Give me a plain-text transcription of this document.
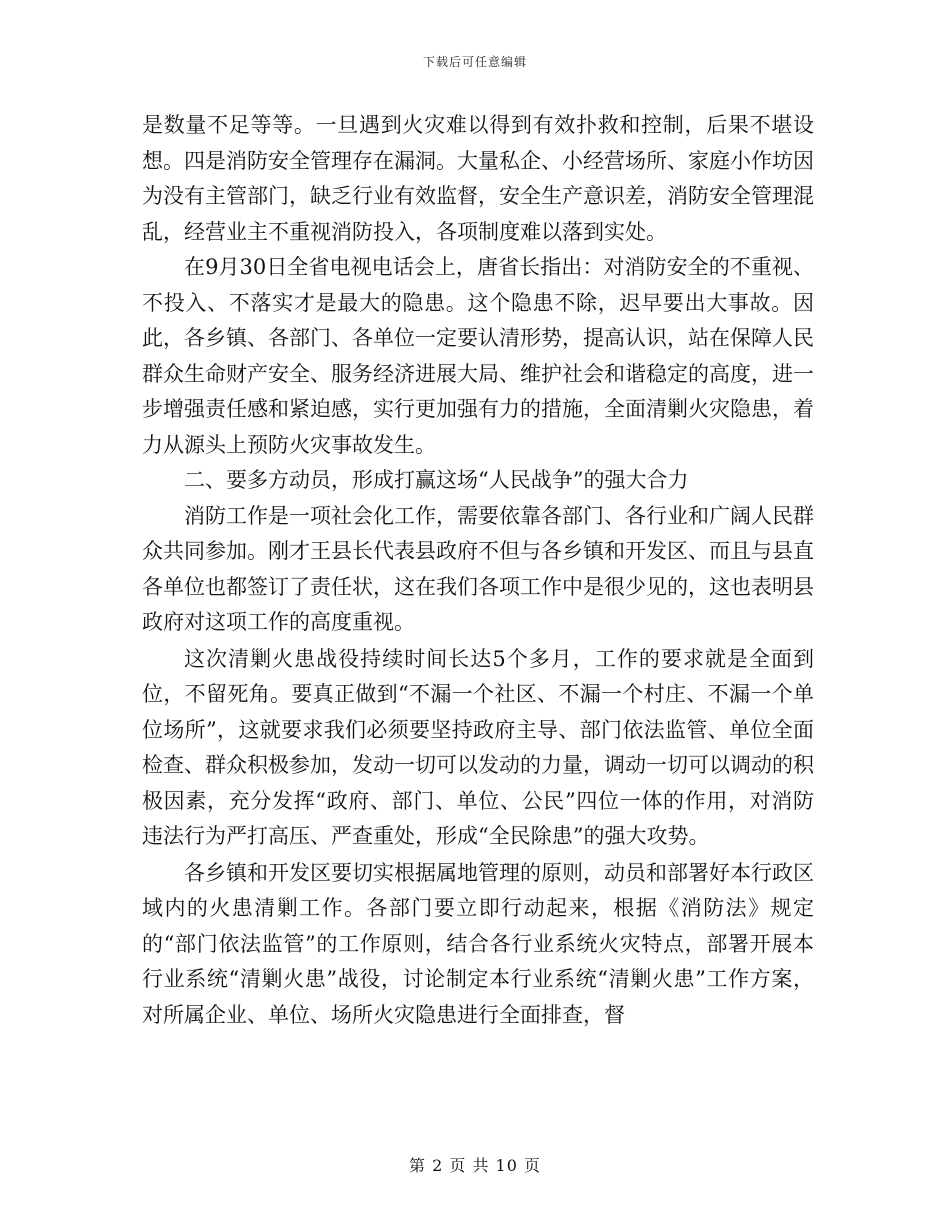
下载后可任意编辑

是数量不足等等。一旦遇到火灾难以得到有效扑救和控制，后果不堪设想。四是消防安全管理存在漏洞。大量私企、小经营场所、家庭小作坊因为没有主管部门，缺乏行业有效监督，安全生产意识差，消防安全管理混乱，经营业主不重视消防投入，各项制度难以落到实处。

在9月30日全省电视电话会上，唐省长指出：对消防安全的不重视、不投入、不落实才是最大的隐患。这个隐患不除，迟早要出大事故。因此，各乡镇、各部门、各单位一定要认清形势，提高认识，站在保障人民群众生命财产安全、服务经济进展大局、维护社会和谐稳定的高度，进一步增强责任感和紧迫感，实行更加强有力的措施，全面清剿火灾隐患，着力从源头上预防火灾事故发生。

二、要多方动员，形成打赢这场“人民战争”的强大合力

消防工作是一项社会化工作，需要依靠各部门、各行业和广阔人民群众共同参加。刚才王县长代表县政府不但与各乡镇和开发区、而且与县直各单位也都签订了责任状，这在我们各项工作中是很少见的，这也表明县政府对这项工作的高度重视。

这次清剿火患战役持续时间长达5个多月，工作的要求就是全面到位，不留死角。要真正做到“不漏一个社区、不漏一个村庄、不漏一个单位场所”，这就要求我们必须要坚持政府主导、部门依法监管、单位全面检查、群众积极参加，发动一切可以发动的力量，调动一切可以调动的积极因素，充分发挥“政府、部门、单位、公民”四位一体的作用，对消防违法行为严打高压、严查重处，形成“全民除患”的强大攻势。

各乡镇和开发区要切实根据属地管理的原则，动员和部署好本行政区域内的火患清剿工作。各部门要立即行动起来，根据《消防法》规定的“部门依法监管”的工作原则，结合各行业系统火灾特点，部署开展本行业系统“清剿火患”战役，讨论制定本行业系统“清剿火患”工作方案，对所属企业、单位、场所火灾隐患进行全面排查，督

第 2 页 共 10 页
